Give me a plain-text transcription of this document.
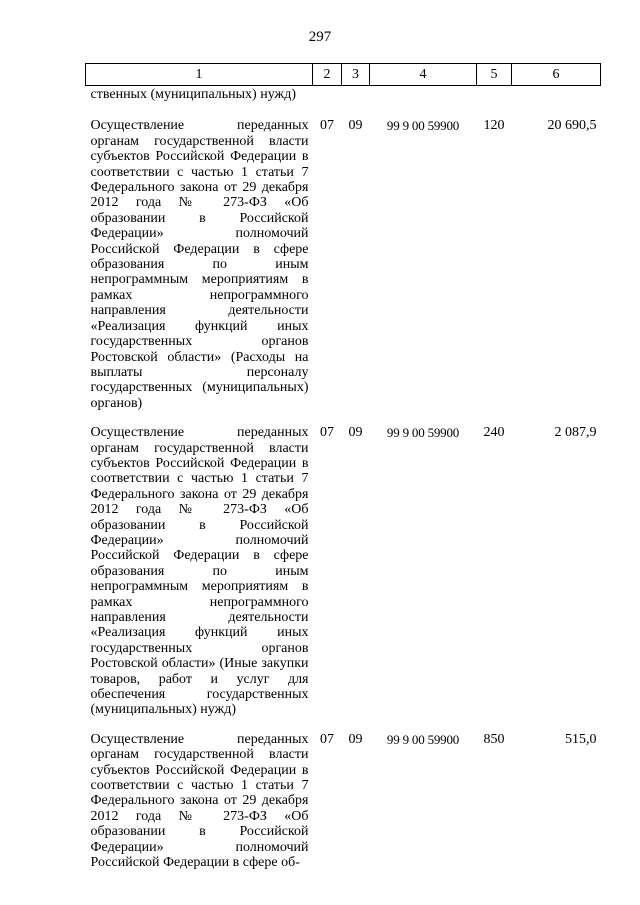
297
1	2	3	4	5	6
ственных (муниципальных) нужд)					
Осуществление переданных органам государственной власти субъектов Российской Федерации в соответствии с частью 1 статьи 7 Федерального закона от 29 декабря 2012 года № 273-ФЗ «Об образовании в Российской Федерации» полномочий Российской Федерации в сфере образования по иным непрограммным мероприятиям в рамках непрограммного направления деятельности «Реализация функций иных государственных органов Ростовской области» (Расходы на выплаты персоналу государственных (муниципальных) органов)	07	09	99 9 00 59900	120	20 690,5
Осуществление переданных органам государственной власти субъектов Российской Федерации в соответствии с частью 1 статьи 7 Федерального закона от 29 декабря 2012 года № 273-ФЗ «Об образовании в Российской Федерации» полномочий Российской Федерации в сфере образования по иным непрограммным мероприятиям в рамках непрограммного направления деятельности «Реализация функций иных государственных органов Ростовской области» (Иные закупки товаров, работ и услуг для обеспечения государственных (муниципальных) нужд)	07	09	99 9 00 59900	240	2 087,9
Осуществление переданных органам государственной власти субъектов Российской Федерации в соответствии с частью 1 статьи 7 Федерального закона от 29 декабря 2012 года № 273-ФЗ «Об образовании в Российской Федерации» полномочий Российской Федерации в сфере об-	07	09	99 9 00 59900	850	515,0
